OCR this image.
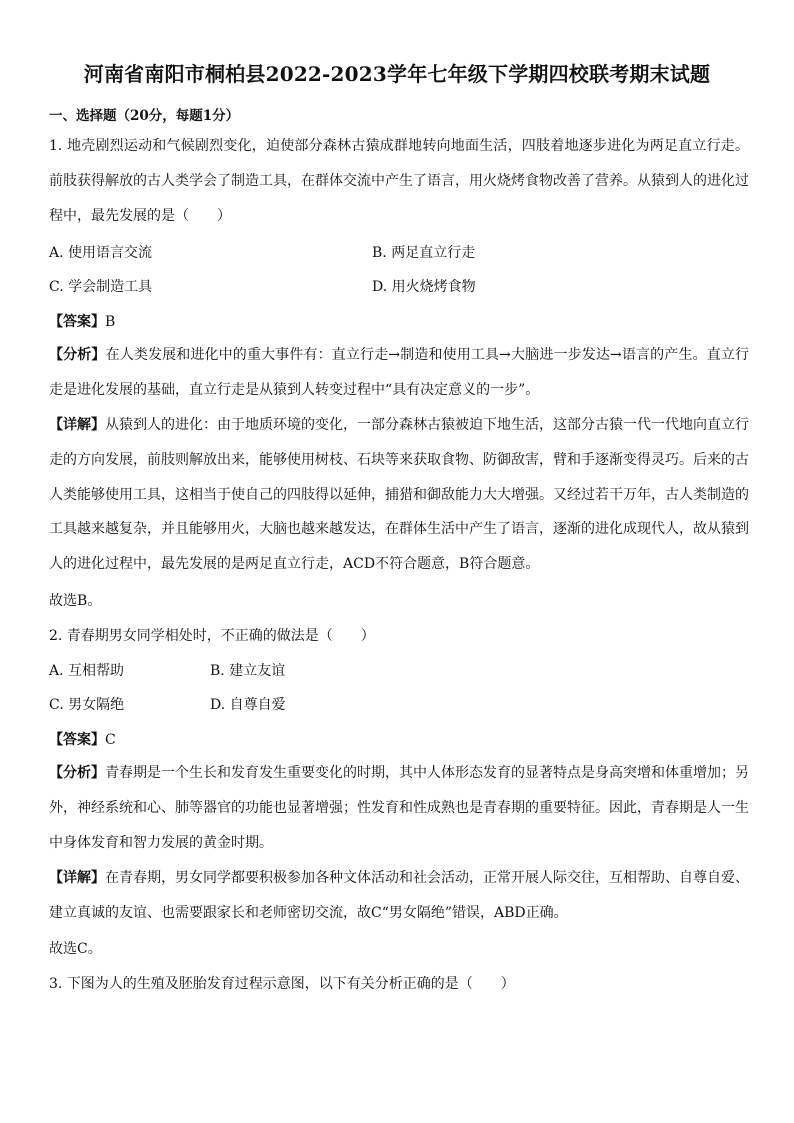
河南省南阳市桐柏县2022-2023学年七年级下学期四校联考期末试题
一、选择题（20分，每题1分）
1. 地壳剧烈运动和气候剧烈变化，迫使部分森林古猿成群地转向地面生活，四肢着地逐步进化为两足直立行走。前肢获得解放的古人类学会了制造工具，在群体交流中产生了语言，用火烧烤食物改善了营养。从猿到人的进化过程中，最先发展的是（　　）
A. 使用语言交流	B. 两足直立行走
C. 学会制造工具	D. 用火烧烤食物
【答案】B
【分析】在人类发展和进化中的重大事件有：直立行走→制造和使用工具→大脑进一步发达→语言的产生。直立行走是进化发展的基础，直立行走是从猿到人转变过程中“具有决定意义的一步”。
【详解】从猿到人的进化：由于地质环境的变化，一部分森林古猿被迫下地生活，这部分古猿一代一代地向直立行走的方向发展，前肢则解放出来，能够使用树枝、石块等来获取食物、防御敌害，臂和手逐渐变得灵巧。后来的古人类能够使用工具，这相当于使自己的四肢得以延伸，捕猎和御敌能力大大增强。又经过若干万年，古人类制造的工具越来越复杂，并且能够用火，大脑也越来越发达，在群体生活中产生了语言，逐渐的进化成现代人，故从猿到人的进化过程中，最先发展的是两足直立行走，ACD不符合题意，B符合题意。
故选B。
2. 青春期男女同学相处时，不正确的做法是（　　）
A. 互相帮助	B. 建立友谊
C. 男女隔绝	D. 自尊自爱
【答案】C
【分析】青春期是一个生长和发育发生重要变化的时期，其中人体形态发育的显著特点是身高突增和体重增加；另外，神经系统和心、肺等器官的功能也显著增强；性发育和性成熟也是青春期的重要特征。因此，青春期是人一生中身体发育和智力发展的黄金时期。
【详解】在青春期，男女同学都要积极参加各种文体活动和社会活动，正常开展人际交往，互相帮助、自尊自爱、建立真诚的友谊、也需要跟家长和老师密切交流，故C“男女隔绝”错误，ABD正确。
故选C。
3. 下图为人的生殖及胚胎发育过程示意图，以下有关分析正确的是（　　）
